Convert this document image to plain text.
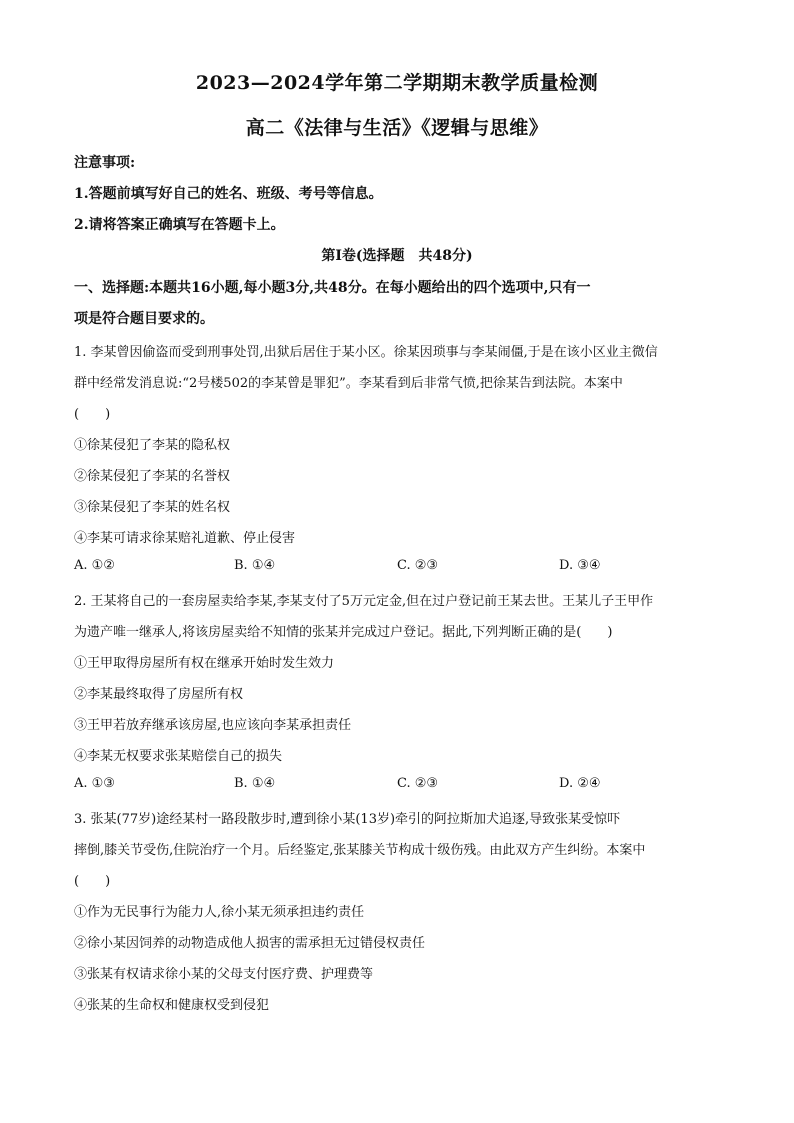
2023—2024学年第二学期期末教学质量检测
高二《法律与生活》《逻辑与思维》
注意事项:
1.答题前填写好自己的姓名、班级、考号等信息。
2.请将答案正确填写在答题卡上。
第Ⅰ卷(选择题　共48分)
一、选择题:本题共16小题,每小题3分,共48分。在每小题给出的四个选项中,只有一
项是符合题目要求的。
1. 李某曾因偷盗而受到刑事处罚,出狱后居住于某小区。徐某因琐事与李某闹僵,于是在该小区业主微信
群中经常发消息说:“2号楼502的李某曾是罪犯”。李某看到后非常气愤,把徐某告到法院。本案中
(　　)
①徐某侵犯了李某的隐私权
②徐某侵犯了李某的名誉权
③徐某侵犯了李某的姓名权
④李某可请求徐某赔礼道歉、停止侵害
A. ①②	B. ①④	C. ②③	D. ③④
2. 王某将自己的一套房屋卖给李某,李某支付了5万元定金,但在过户登记前王某去世。王某儿子王甲作
为遗产唯一继承人,将该房屋卖给不知情的张某并完成过户登记。据此,下列判断正确的是(　　)
①王甲取得房屋所有权在继承开始时发生效力
②李某最终取得了房屋所有权
③王甲若放弃继承该房屋,也应该向李某承担责任
④李某无权要求张某赔偿自己的损失
A. ①③	B. ①④	C. ②③	D. ②④
3. 张某(77岁)途经某村一路段散步时,遭到徐小某(13岁)牵引的阿拉斯加犬追逐,导致张某受惊吓
摔倒,膝关节受伤,住院治疗一个月。后经鉴定,张某膝关节构成十级伤残。由此双方产生纠纷。本案中
(　　)
①作为无民事行为能力人,徐小某无须承担违约责任
②徐小某因饲养的动物造成他人损害的需承担无过错侵权责任
③张某有权请求徐小某的父母支付医疗费、护理费等
④张某的生命权和健康权受到侵犯
